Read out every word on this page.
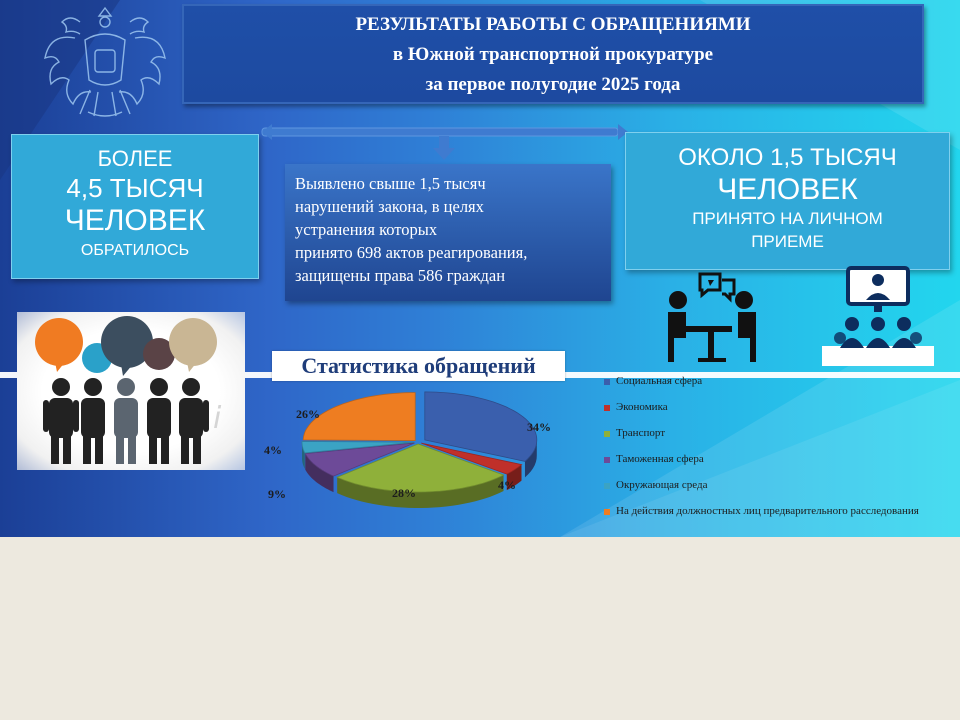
РЕЗУЛЬТАТЫ РАБОТЫ С ОБРАЩЕНИЯМИ
в Южной транспортной прокуратуре
за первое полугодие 2025 года
БОЛЕЕ
4,5 ТЫСЯЧ
ЧЕЛОВЕК
ОБРАТИЛОСЬ
Выявлено свыше 1,5 тысяч
нарушений закона, в целях
устранения которых
принято 698 актов реагирования,
защищены права 586 граждан
ОКОЛО 1,5 ТЫСЯЧ
ЧЕЛОВЕК
ПРИНЯТО НА ЛИЧНОМ
ПРИЕМЕ
i
Статистика обращений
26%
34%
4%
28%
9%
4%
Социальная сфера
Экономика
Транспорт
Таможенная сфера
Окружающая среда
На действия должностных лиц предварительного расследования
